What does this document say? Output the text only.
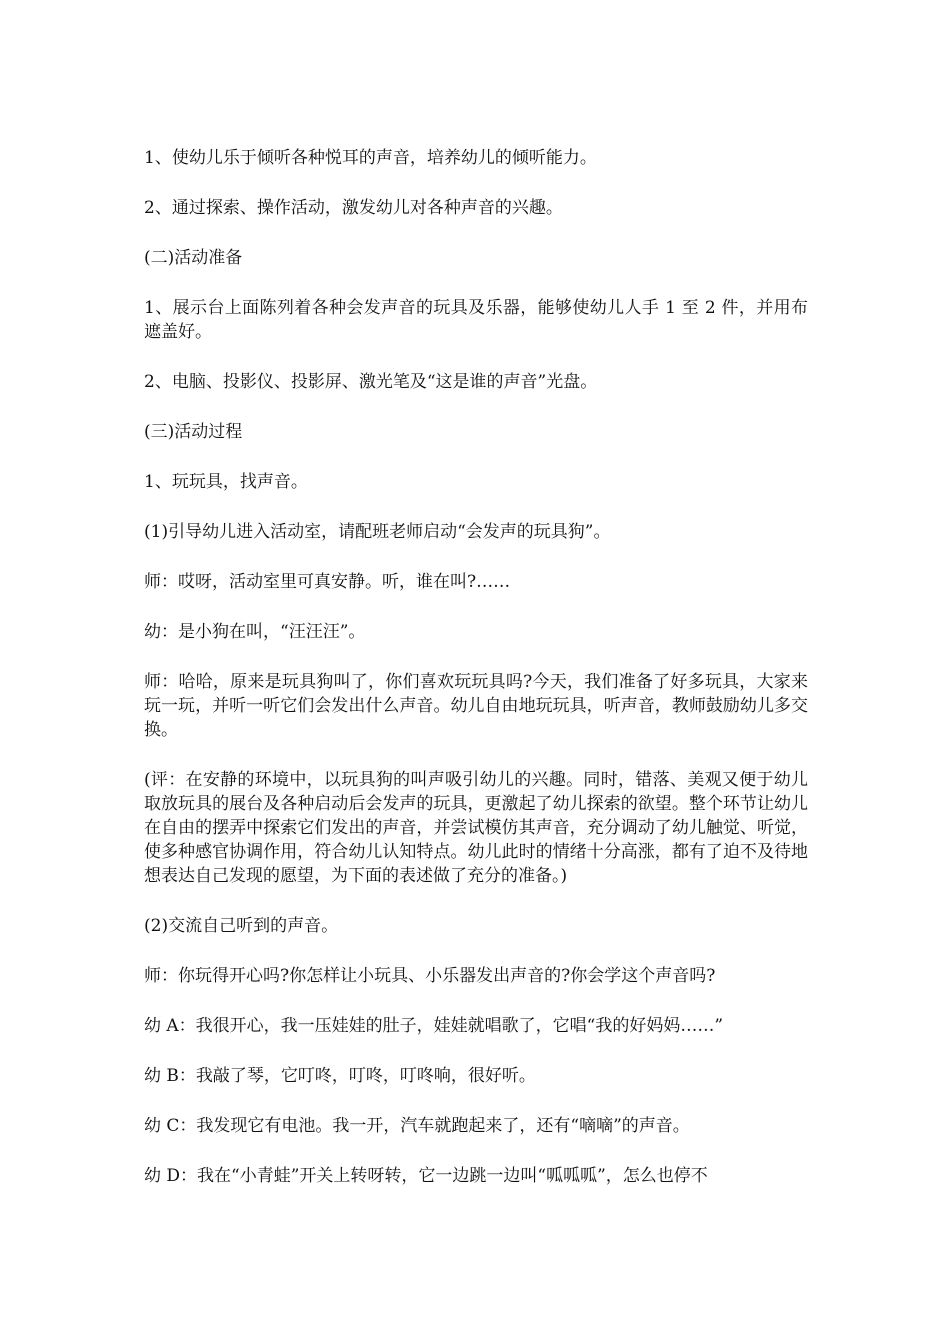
1、使幼儿乐于倾听各种悦耳的声音，培养幼儿的倾听能力。

2、通过探索、操作活动，激发幼儿对各种声音的兴趣。

(二)活动准备

1、展示台上面陈列着各种会发声音的玩具及乐器，能够使幼儿人手 1 至 2 件，并用布遮盖好。

2、电脑、投影仪、投影屏、激光笔及“这是谁的声音”光盘。

(三)活动过程

1、玩玩具，找声音。

(1)引导幼儿进入活动室，请配班老师启动“会发声的玩具狗”。

师：哎呀，活动室里可真安静。听，谁在叫?……

幼：是小狗在叫，“汪汪汪”。

师：哈哈，原来是玩具狗叫了，你们喜欢玩玩具吗?今天，我们准备了好多玩具，大家来玩一玩，并听一听它们会发出什么声音。幼儿自由地玩玩具，听声音，教师鼓励幼儿多交换。

(评：在安静的环境中，以玩具狗的叫声吸引幼儿的兴趣。同时，错落、美观又便于幼儿取放玩具的展台及各种启动后会发声的玩具，更激起了幼儿探索的欲望。整个环节让幼儿在自由的摆弄中探索它们发出的声音，并尝试模仿其声音，充分调动了幼儿触觉、听觉，使多种感官协调作用，符合幼儿认知特点。幼儿此时的情绪十分高涨，都有了迫不及待地想表达自己发现的愿望，为下面的表述做了充分的准备。)

(2)交流自己听到的声音。

师：你玩得开心吗?你怎样让小玩具、小乐器发出声音的?你会学这个声音吗?

幼 A：我很开心，我一压娃娃的肚子，娃娃就唱歌了，它唱“我的好妈妈……”

幼 B：我敲了琴，它叮咚，叮咚，叮咚响，很好听。

幼 C：我发现它有电池。我一开，汽车就跑起来了，还有“嘀嘀”的声音。

幼 D：我在“小青蛙”开关上转呀转，它一边跳一边叫“呱呱呱”，怎么也停不
